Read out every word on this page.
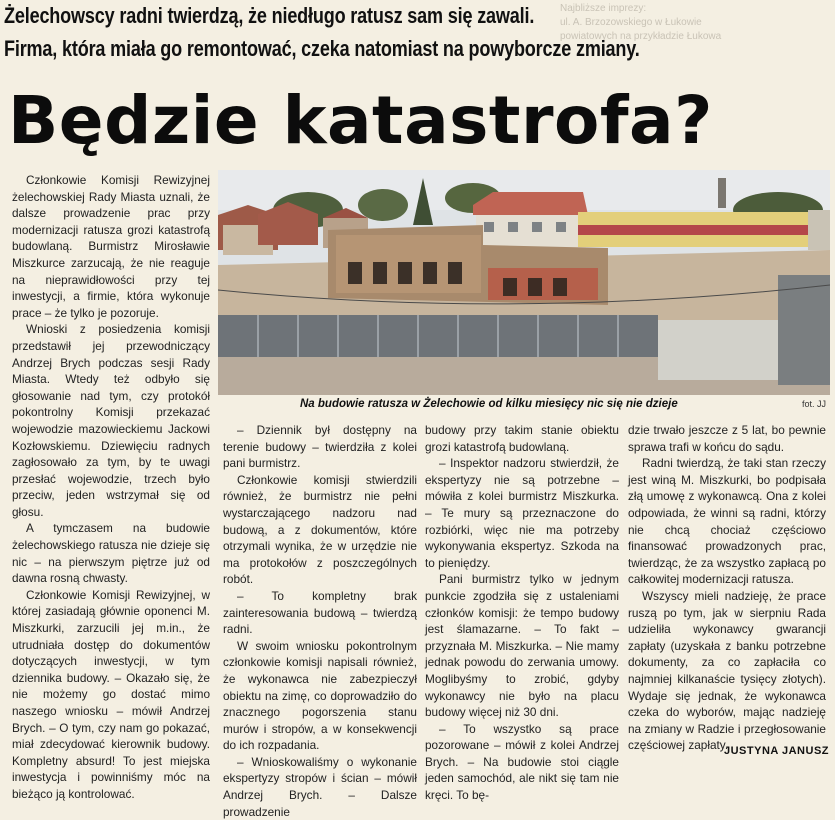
Najbliższe imprezy:
ul. A. Brzozowskiego w Łukowie
powiatowych na przykładzie Łukowa
Żelechowscy radni twierdzą, że niedługo ratusz sam się zawali.
Firma, która miała go remontować, czeka natomiast na powyborcze zmiany.
Będzie katastrofa?
Na budowie ratusza w Żelechowie od kilku miesięcy nic się nie dzieje	fot. JJ

Członkowie Komisji Rewizyjnej żelechowskiej Rady Miasta uznali, że dalsze prowadzenie prac przy modernizacji ratusza grozi katastrofą budowlaną. Burmistrz Mirosławie Miszkurce zarzucają, że nie reaguje na nieprawidłowości przy tej inwestycji, a firmie, która wykonuje prace – że tylko je pozoruje.

Wnioski z posiedzenia komisji przedstawił jej przewodniczący Andrzej Brych podczas sesji Rady Miasta. Wtedy też odbyło się głosowanie nad tym, czy protokół pokontrolny Komisji przekazać wojewodzie mazowieckiemu Jackowi Kozłowskiemu. Dziewięciu radnych zagłosowało za tym, by te uwagi przesłać wojewodzie, trzech było przeciw, jeden wstrzymał się od głosu.

A tymczasem na budowie żelechowskiego ratusza nie dzieje się nic – na pierwszym piętrze już od dawna rosną chwasty.

Członkowie Komisji Rewizyjnej, w której zasiadają głównie oponenci M. Miszkurki, zarzucili jej m.in., że utrudniała dostęp do dokumentów dotyczących inwestycji, w tym dziennika budowy. – Okazało się, że nie możemy go dostać mimo naszego wniosku – mówił Andrzej Brych. – O tym, czy nam go pokazać, miał zdecydować kierownik budowy. Kompletny absurd! To jest miejska inwestycja i powinniśmy móc na bieżąco ją kontrolować.

– Dziennik był dostępny na terenie budowy – twierdziła z kolei pani burmistrz.

Członkowie komisji stwierdzili również, że burmistrz nie pełni wystarczającego nadzoru nad budową, a z dokumentów, które otrzymali wynika, że w urzędzie nie ma protokołów z poszczególnych robót.

– To kompletny brak zainteresowania budową – twierdzą radni.

W swoim wniosku pokontrolnym członkowie komisji napisali również, że wykonawca nie zabezpieczył obiektu na zimę, co doprowadziło do znacznego pogorszenia stanu murów i stropów, a w konsekwencji do ich rozpadania.

– Wnioskowaliśmy o wykonanie ekspertyzy stropów i ścian – mówił Andrzej Brych. – Dalsze prowadzenie

budowy przy takim stanie obiektu grozi katastrofą budowlaną.

– Inspektor nadzoru stwierdził, że ekspertyzy nie są potrzebne – mówiła z kolei burmistrz Miszkurka. – Te mury są przeznaczone do rozbiórki, więc nie ma potrzeby wykonywania ekspertyz. Szkoda na to pieniędzy.

Pani burmistrz tylko w jednym punkcie zgodziła się z ustaleniami członków komisji: że tempo budowy jest ślamazarne. – To fakt – przyznała M. Miszkurka. – Nie mamy jednak powodu do zerwania umowy. Moglibyśmy to zrobić, gdyby wykonawcy nie było na placu budowy więcej niż 30 dni.

– To wszystko są prace pozorowane – mówił z kolei Andrzej Brych. – Na budowie stoi ciągle jeden samochód, ale nikt się tam nie kręci. To bę-

dzie trwało jeszcze z 5 lat, bo pewnie sprawa trafi w końcu do sądu.

Radni twierdzą, że taki stan rzeczy jest winą M. Miszkurki, bo podpisała złą umowę z wykonawcą. Ona z kolei odpowiada, że winni są radni, którzy nie chcą chociaż częściowo finansować prowadzonych prac, twierdząc, że za wszystko zapłacą po całkowitej modernizacji ratusza.

Wszyscy mieli nadzieję, że prace ruszą po tym, jak w sierpniu Rada udzieliła wykonawcy gwarancji zapłaty (uzyskała z banku potrzebne dokumenty, za co zapłaciła co najmniej kilkanaście tysięcy złotych). Wydaje się jednak, że wykonawca czeka do wyborów, mając nadzieję na zmiany w Radzie i przegłosowanie częściowej zapłaty.

JUSTYNA JANUSZ
